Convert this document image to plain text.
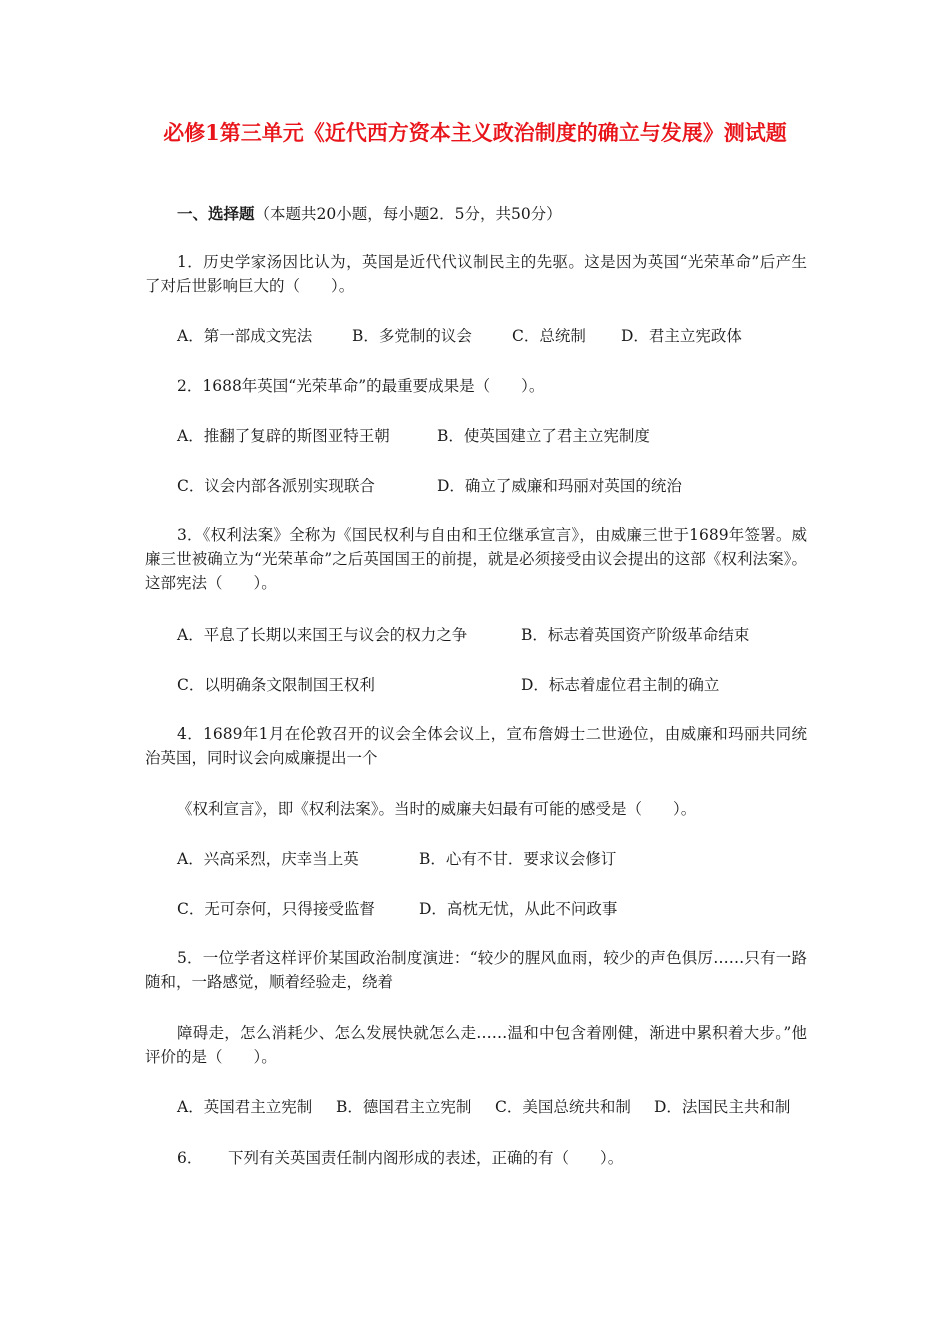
必修1第三单元《近代西方资本主义政治制度的确立与发展》测试题

一、选择题（本题共20小题，每小题2．5分，共50分）

1．历史学家汤因比认为，英国是近代代议制民主的先驱。这是因为英国“光荣革命”后产生了对后世影响巨大的（　　）。

A．第一部成文宪法	B．多党制的议会	C．总统制 D．君主立宪政体

2．1688年英国“光荣革命”的最重要成果是（　　）。

A．推翻了复辟的斯图亚特王朝	B．使英国建立了君主立宪制度

C．议会内部各派别实现联合	D．确立了威廉和玛丽对英国的统治

3．《权利法案》全称为《国民权利与自由和王位继承宣言》，由威廉三世于1689年签署。威廉三世被确立为“光荣革命”之后英国国王的前提，就是必须接受由议会提出的这部《权利法案》。这部宪法（　　）。

A．平息了长期以来国王与议会的权力之争	B．标志着英国资产阶级革命结束

C．以明确条文限制国王权利	D．标志着虚位君主制的确立

4．1689年1月在伦敦召开的议会全体会议上，宣布詹姆士二世逊位，由威廉和玛丽共同统治英国，同时议会向威廉提出一个

《权利宣言》，即《权利法案》。当时的威廉夫妇最有可能的感受是（　　）。

A．兴高采烈，庆幸当上英	B．心有不甘．要求议会修订

C．无可奈何，只得接受监督	D．高枕无忧，从此不问政事

5．一位学者这样评价某国政治制度演进：“较少的腥风血雨，较少的声色俱厉……只有一路随和，一路感觉，顺着经验走，绕着

障碍走，怎么消耗少、怎么发展快就怎么走……温和中包含着刚健，渐进中累积着大步。”他评价的是（　　）。

A．英国君主立宪制 B．德国君主立宪制 C．美国总统共和制 D．法国民主共和制

6． 下列有关英国责任制内阁形成的表述，正确的有（　　）。
